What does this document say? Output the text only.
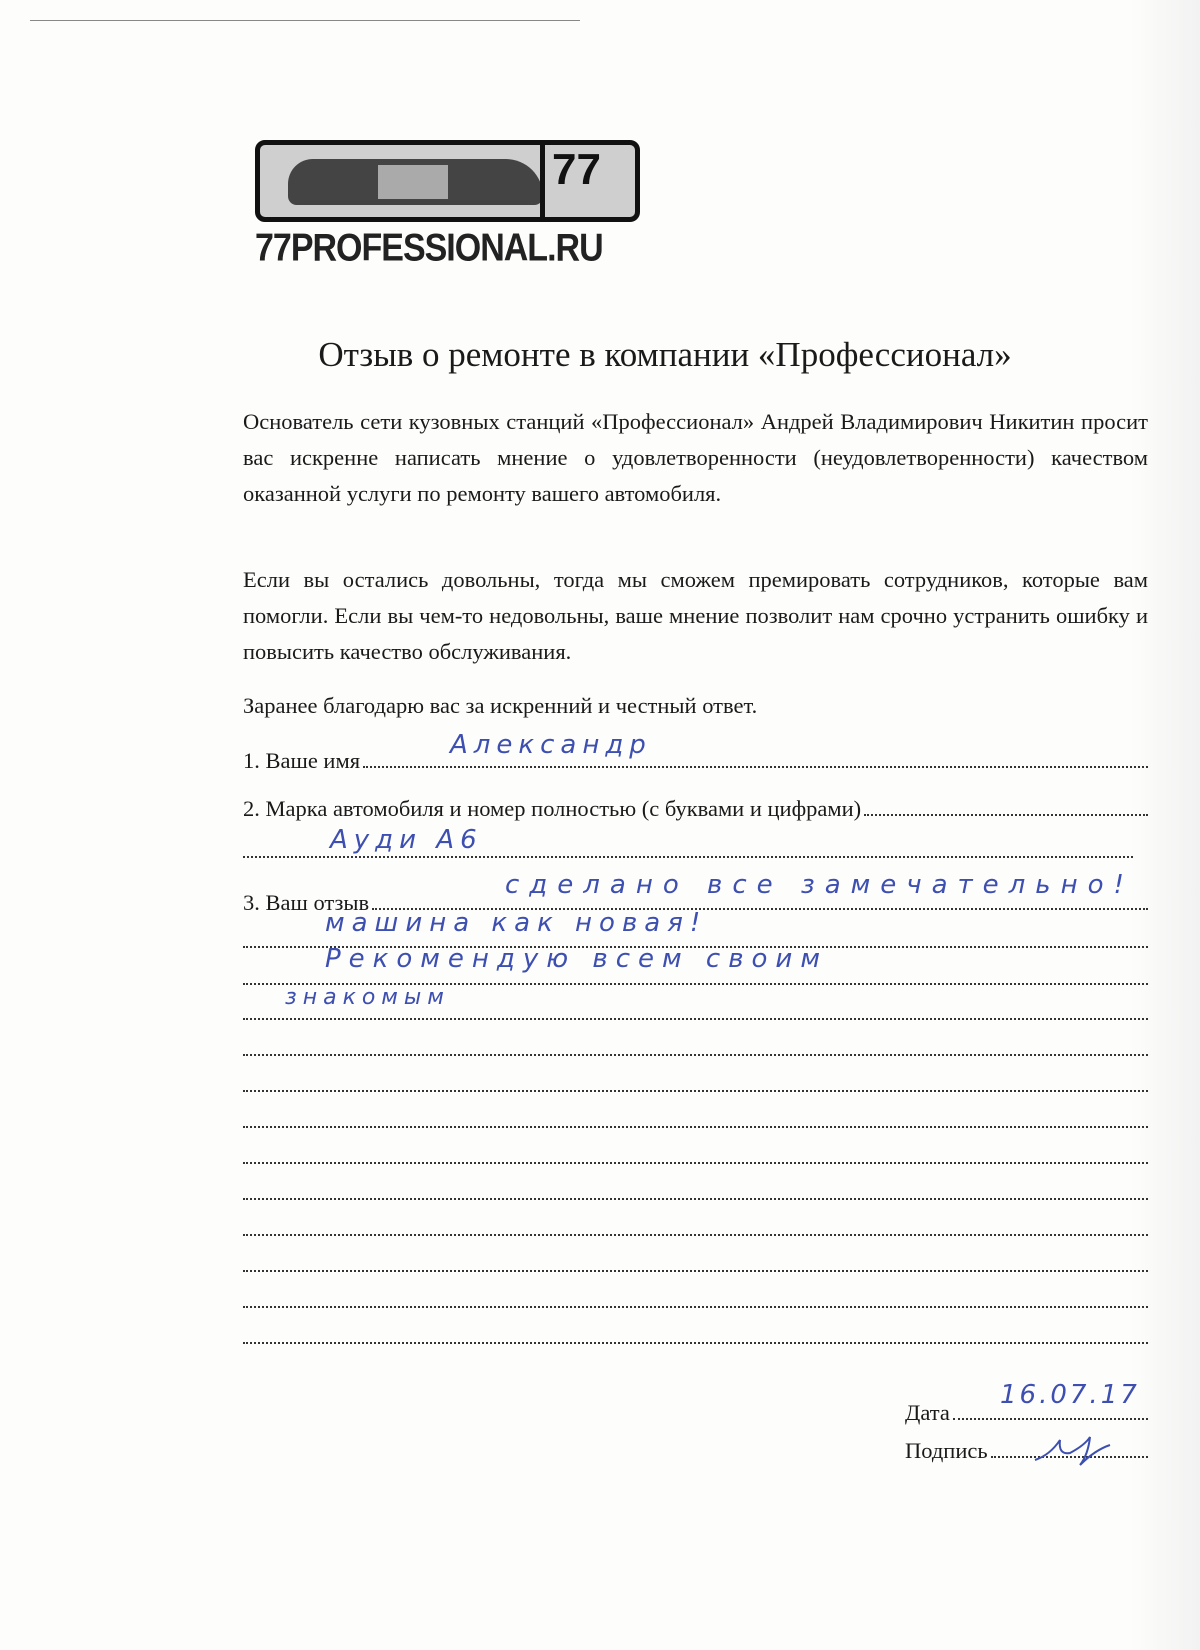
77
77PROFESSIONAL.RU
Отзыв о ремонте в компании «Профессионал»
Основатель сети кузовных станций «Профессионал» Андрей Владимирович Никитин просит вас искренне написать мнение о удовлетворенности (неудовлетворенности) качеством оказанной услуги по ремонту вашего автомобиля.
Если вы остались довольны, тогда мы сможем премировать сотрудников, которые вам помогли. Если вы чем-то недовольны, ваше мнение позволит нам срочно устранить ошибку и повысить качество обслуживания.
Заранее благодарю вас за искренний и честный ответ.
1. Ваше имя
Александр
2. Марка автомобиля и номер полностью (с буквами и цифрами)
Ауди А6
3. Ваш отзыв
сделано все замечательно!
машина как новая!
Рекомендую всем своим
знакомым
Дата
16.07.17
Подпись
